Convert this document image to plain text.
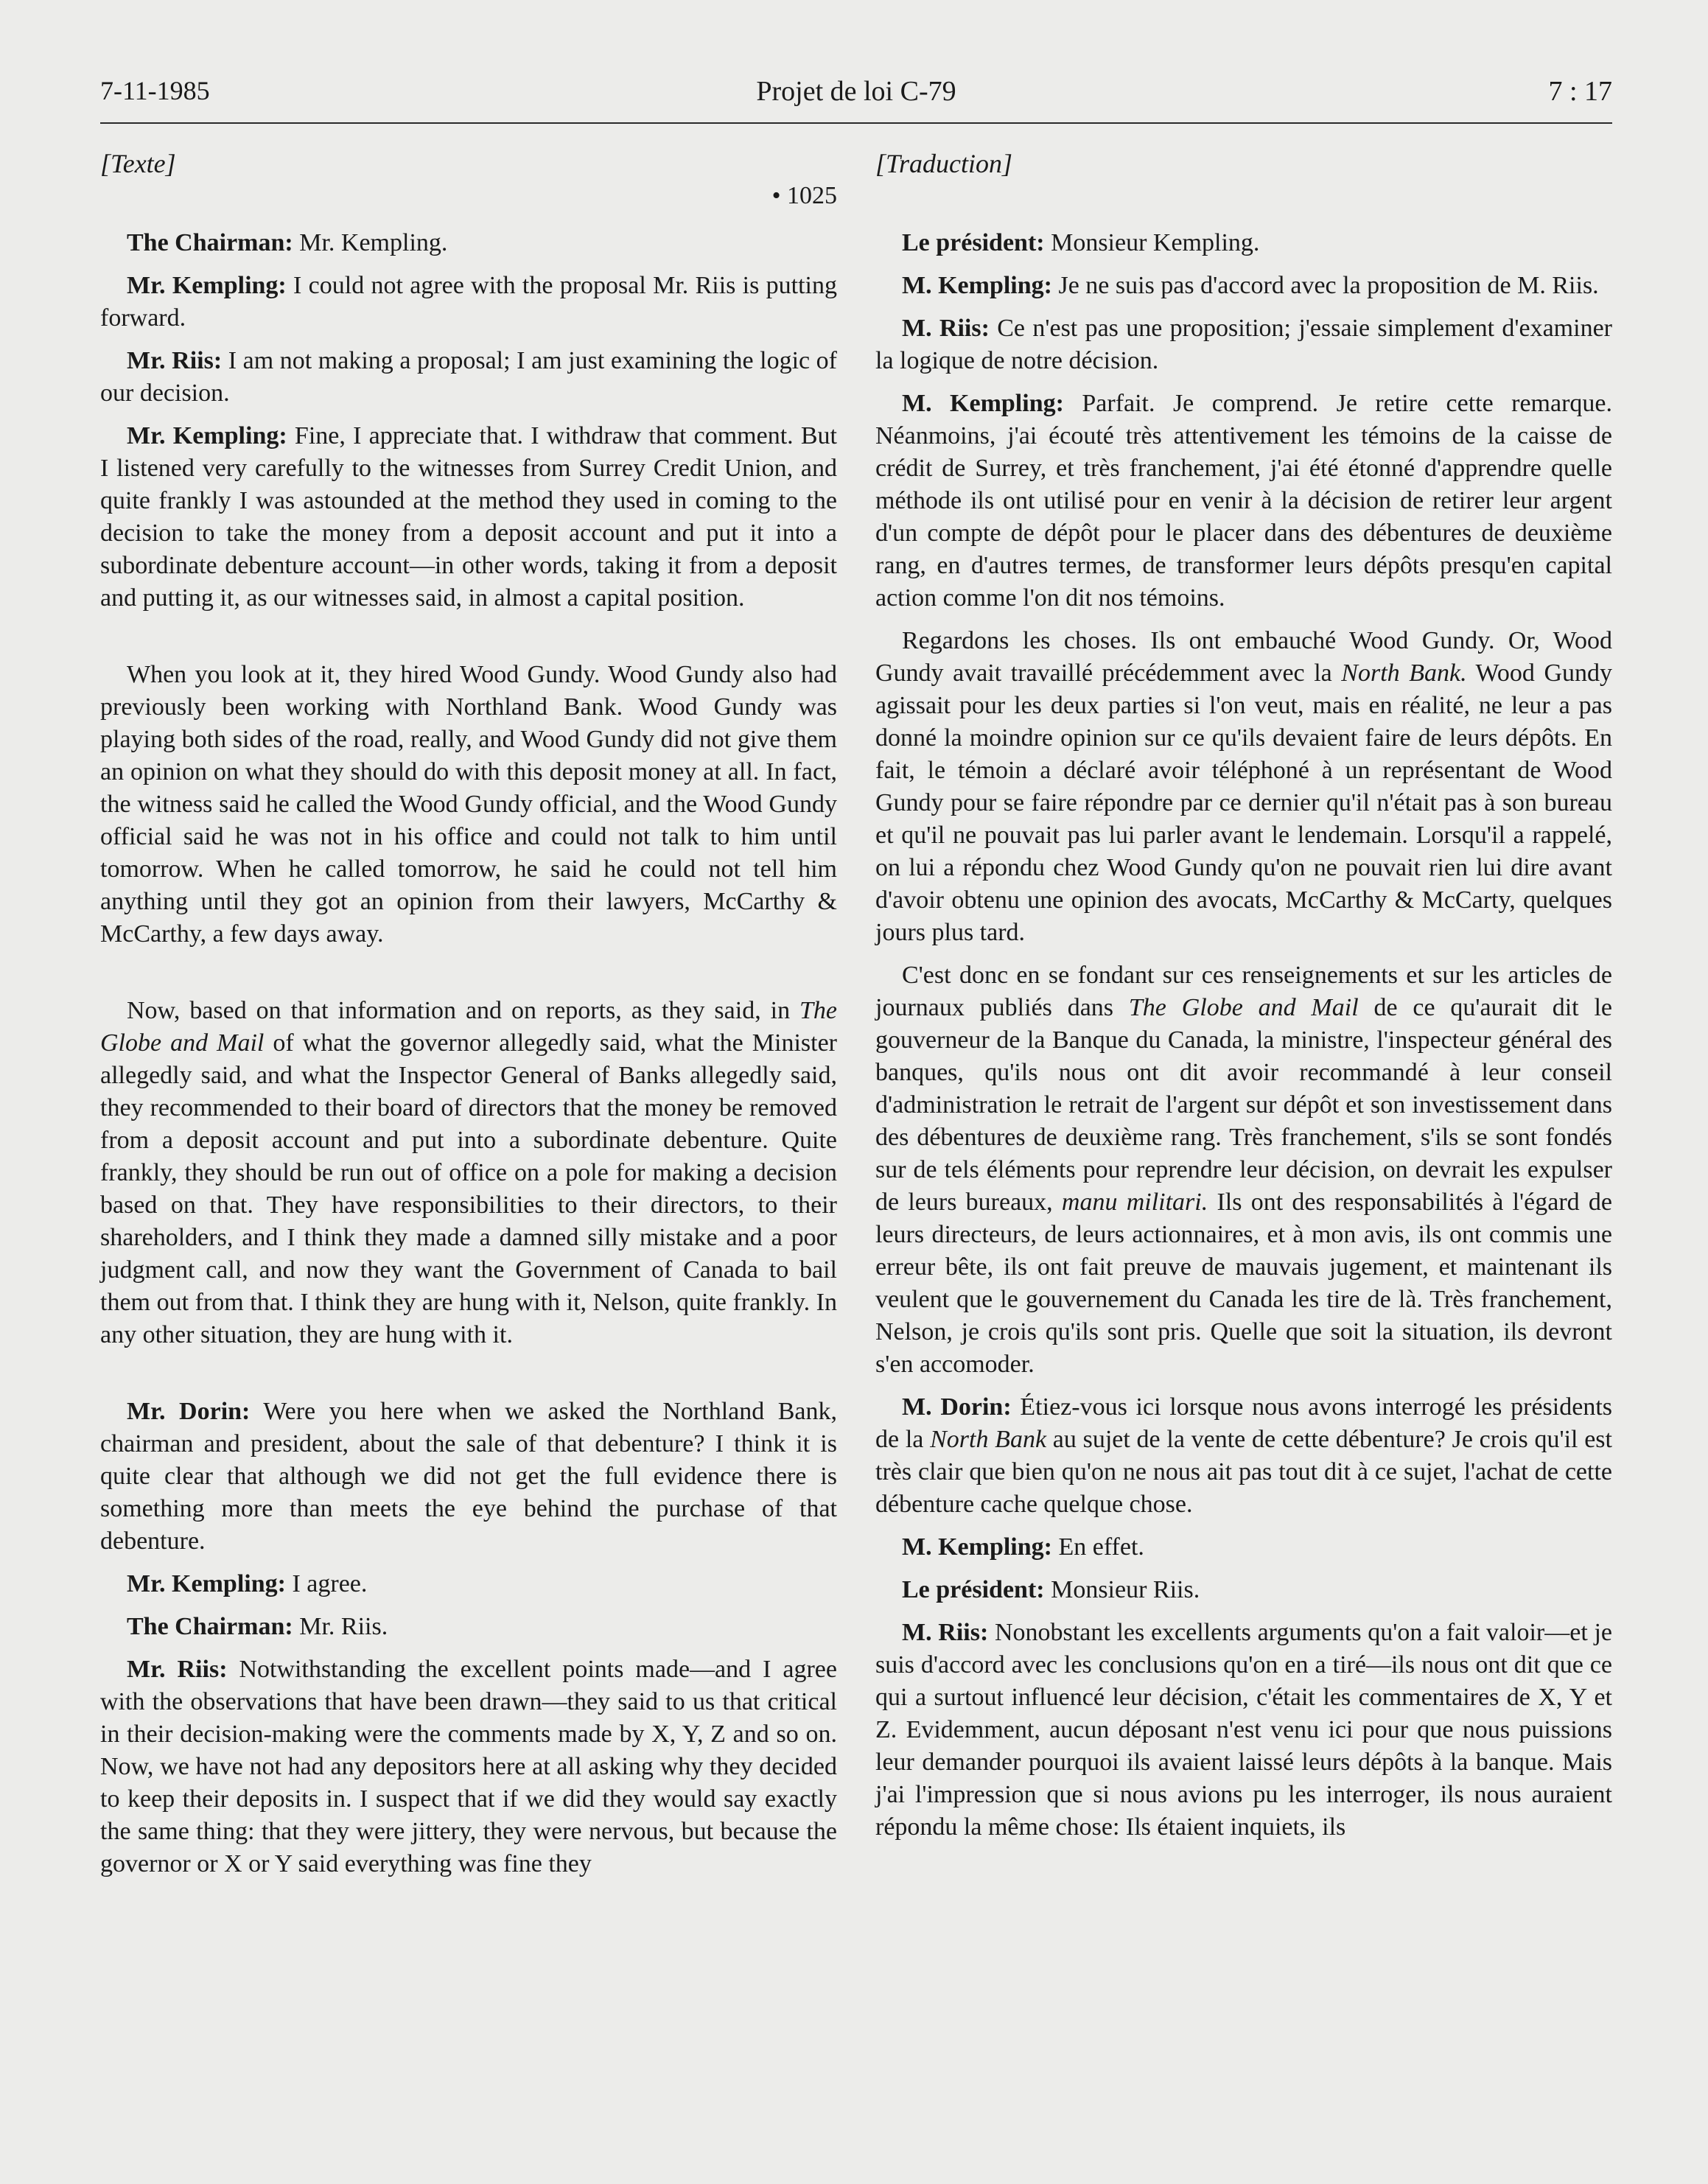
7-11-1985	Projet de loi C-79	7 : 17
[Texte]
• 1025

The Chairman: Mr. Kempling.

Mr. Kempling: I could not agree with the proposal Mr. Riis is putting forward.

Mr. Riis: I am not making a proposal; I am just examining the logic of our decision.

Mr. Kempling: Fine, I appreciate that. I withdraw that comment. But I listened very carefully to the witnesses from Surrey Credit Union, and quite frankly I was astounded at the method they used in coming to the decision to take the money from a deposit account and put it into a subordinate debenture account—in other words, taking it from a deposit and putting it, as our witnesses said, in almost a capital position.

When you look at it, they hired Wood Gundy. Wood Gundy also had previously been working with Northland Bank. Wood Gundy was playing both sides of the road, really, and Wood Gundy did not give them an opinion on what they should do with this deposit money at all. In fact, the witness said he called the Wood Gundy official, and the Wood Gundy official said he was not in his office and could not talk to him until tomorrow. When he called tomorrow, he said he could not tell him anything until they got an opinion from their lawyers, McCarthy & McCarthy, a few days away.

Now, based on that information and on reports, as they said, in The Globe and Mail of what the governor allegedly said, what the Minister allegedly said, and what the Inspector General of Banks allegedly said, they recommended to their board of directors that the money be removed from a deposit account and put into a subordinate debenture. Quite frankly, they should be run out of office on a pole for making a decision based on that. They have responsibilities to their directors, to their shareholders, and I think they made a damned silly mistake and a poor judgment call, and now they want the Government of Canada to bail them out from that. I think they are hung with it, Nelson, quite frankly. In any other situation, they are hung with it.

Mr. Dorin: Were you here when we asked the Northland Bank, chairman and president, about the sale of that debenture? I think it is quite clear that although we did not get the full evidence there is something more than meets the eye behind the purchase of that debenture.

Mr. Kempling: I agree.

The Chairman: Mr. Riis.

Mr. Riis: Notwithstanding the excellent points made—and I agree with the observations that have been drawn—they said to us that critical in their decision-making were the comments made by X, Y, Z and so on. Now, we have not had any depositors here at all asking why they decided to keep their deposits in. I suspect that if we did they would say exactly the same thing: that they were jittery, they were nervous, but because the governor or X or Y said everything was fine they

[Traduction]

Le président: Monsieur Kempling.

M. Kempling: Je ne suis pas d'accord avec la proposition de M. Riis.

M. Riis: Ce n'est pas une proposition; j'essaie simplement d'examiner la logique de notre décision.

M. Kempling: Parfait. Je comprend. Je retire cette remarque. Néanmoins, j'ai écouté très attentivement les témoins de la caisse de crédit de Surrey, et très franchement, j'ai été étonné d'apprendre quelle méthode ils ont utilisé pour en venir à la décision de retirer leur argent d'un compte de dépôt pour le placer dans des débentures de deuxième rang, en d'autres termes, de transformer leurs dépôts presqu'en capital action comme l'on dit nos témoins.

Regardons les choses. Ils ont embauché Wood Gundy. Or, Wood Gundy avait travaillé précédemment avec la North Bank. Wood Gundy agissait pour les deux parties si l'on veut, mais en réalité, ne leur a pas donné la moindre opinion sur ce qu'ils devaient faire de leurs dépôts. En fait, le témoin a déclaré avoir téléphoné à un représentant de Wood Gundy pour se faire répondre par ce dernier qu'il n'était pas à son bureau et qu'il ne pouvait pas lui parler avant le lendemain. Lorsqu'il a rappelé, on lui a répondu chez Wood Gundy qu'on ne pouvait rien lui dire avant d'avoir obtenu une opinion des avocats, McCarthy & McCarty, quelques jours plus tard.

C'est donc en se fondant sur ces renseignements et sur les articles de journaux publiés dans The Globe and Mail de ce qu'aurait dit le gouverneur de la Banque du Canada, la ministre, l'inspecteur général des banques, qu'ils nous ont dit avoir recommandé à leur conseil d'administration le retrait de l'argent sur dépôt et son investissement dans des débentures de deuxième rang. Très franchement, s'ils se sont fondés sur de tels éléments pour reprendre leur décision, on devrait les expulser de leurs bureaux, manu militari. Ils ont des responsabilités à l'égard de leurs directeurs, de leurs actionnaires, et à mon avis, ils ont commis une erreur bête, ils ont fait preuve de mauvais jugement, et maintenant ils veulent que le gouvernement du Canada les tire de là. Très franchement, Nelson, je crois qu'ils sont pris. Quelle que soit la situation, ils devront s'en accomoder.

M. Dorin: Étiez-vous ici lorsque nous avons interrogé les présidents de la North Bank au sujet de la vente de cette débenture? Je crois qu'il est très clair que bien qu'on ne nous ait pas tout dit à ce sujet, l'achat de cette débenture cache quelque chose.

M. Kempling: En effet.

Le président: Monsieur Riis.

M. Riis: Nonobstant les excellents arguments qu'on a fait valoir—et je suis d'accord avec les conclusions qu'on en a tiré—ils nous ont dit que ce qui a surtout influencé leur décision, c'était les commentaires de X, Y et Z. Evidemment, aucun déposant n'est venu ici pour que nous puissions leur demander pourquoi ils avaient laissé leurs dépôts à la banque. Mais j'ai l'impression que si nous avions pu les interroger, ils nous auraient répondu la même chose: Ils étaient inquiets, ils
